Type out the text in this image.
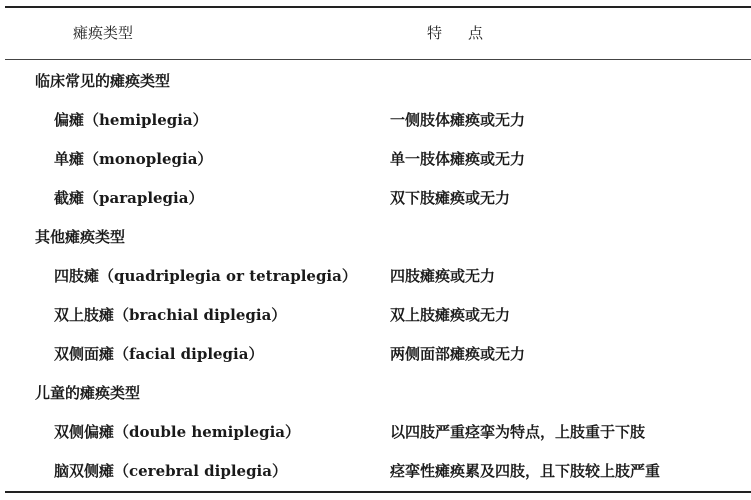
瘫痪类型	特 点
临床常见的瘫痪类型
偏瘫（hemiplegia）	一侧肢体瘫痪或无力
单瘫（monoplegia）	单一肢体瘫痪或无力
截瘫（paraplegia）	双下肢瘫痪或无力
其他瘫痪类型
四肢瘫（quadriplegia or tetraplegia） 四肢瘫痪或无力
双上肢瘫（brachial diplegia）	双上肢瘫痪或无力
双侧面瘫（facial diplegia）	两侧面部瘫痪或无力
儿童的瘫痪类型
双侧偏瘫（double hemiplegia）	以四肢严重痉挛为特点，上肢重于下肢
脑双侧瘫（cerebral diplegia）	痉挛性瘫痪累及四肢，且下肢较上肢严重
